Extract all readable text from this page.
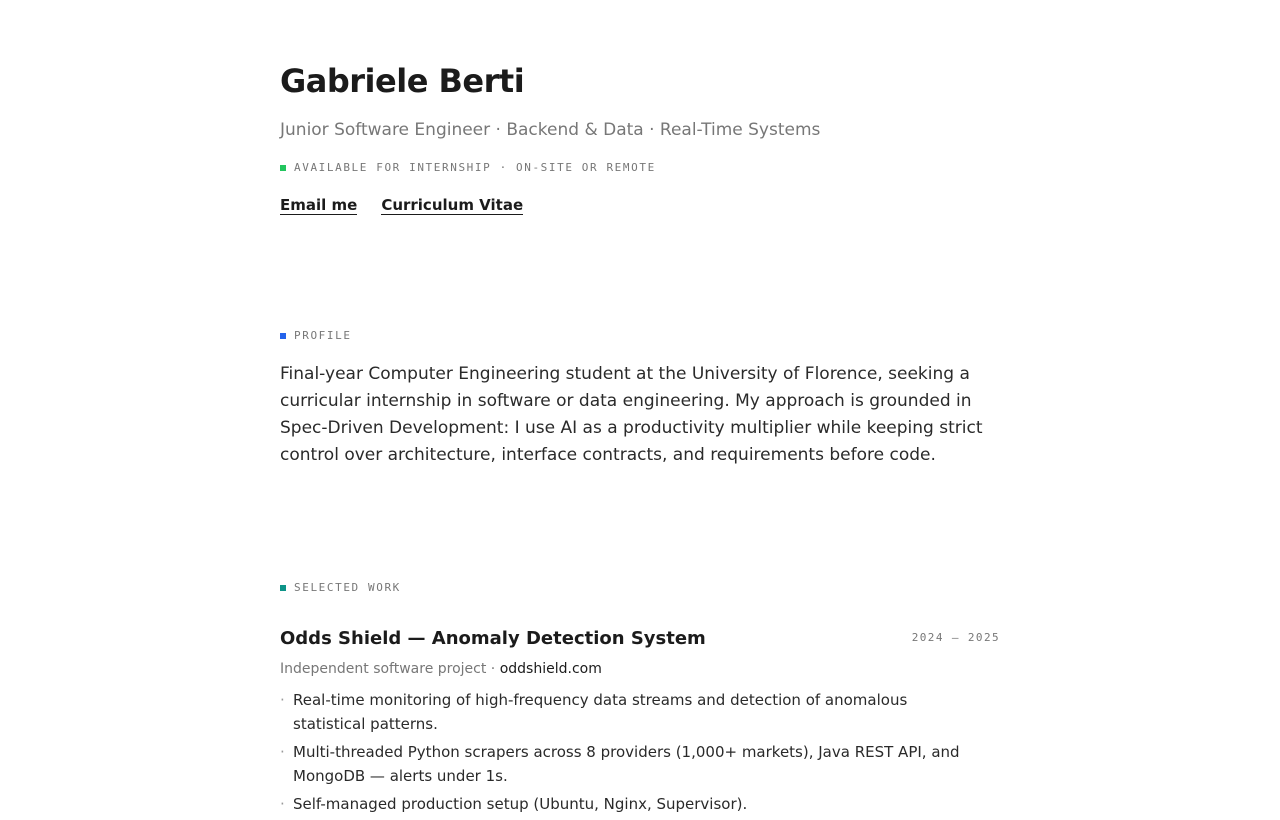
Gabriele Berti
Junior Software Engineer · Backend & Data · Real-Time Systems
AVAILABLE FOR INTERNSHIP · ON-SITE OR REMOTE
Email me Curriculum Vitae
PROFILE

Final-year Computer Engineering student at the University of Florence, seeking a curricular internship in software or data engineering. My approach is grounded in Spec-Driven Development: I use AI as a productivity multiplier while keeping strict control over architecture, interface contracts, and requirements before code.

SELECTED WORK
Odds Shield — Anomaly Detection System	2024 — 2025
Independent software project · oddshield.com
· Real-time monitoring of high-frequency data streams and detection of anomalous statistical patterns.
· Multi-threaded Python scrapers across 8 providers (1,000+ markets), Java REST API, and MongoDB — alerts under 1s.
· Self-managed production setup (Ubuntu, Nginx, Supervisor).
